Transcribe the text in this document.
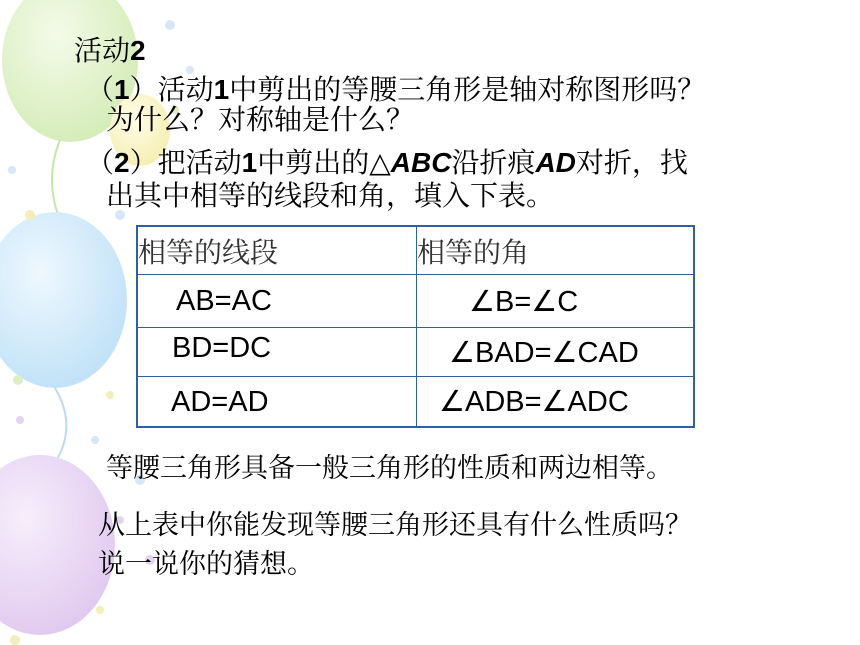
活动2
（1）活动1中剪出的等腰三角形是轴对称图形吗？
为什么？对称轴是什么？
（2）把活动1中剪出的△ABC沿折痕AD对折，找
出其中相等的线段和角，填入下表。
相等的线段	相等的角
AB=AC	∠B=∠C
BD=DC	∠BAD=∠CAD
AD=AD	∠ADB=∠ADC
等腰三角形具备一般三角形的性质和两边相等。
从上表中你能发现等腰三角形还具有什么性质吗？
说一说你的猜想。
